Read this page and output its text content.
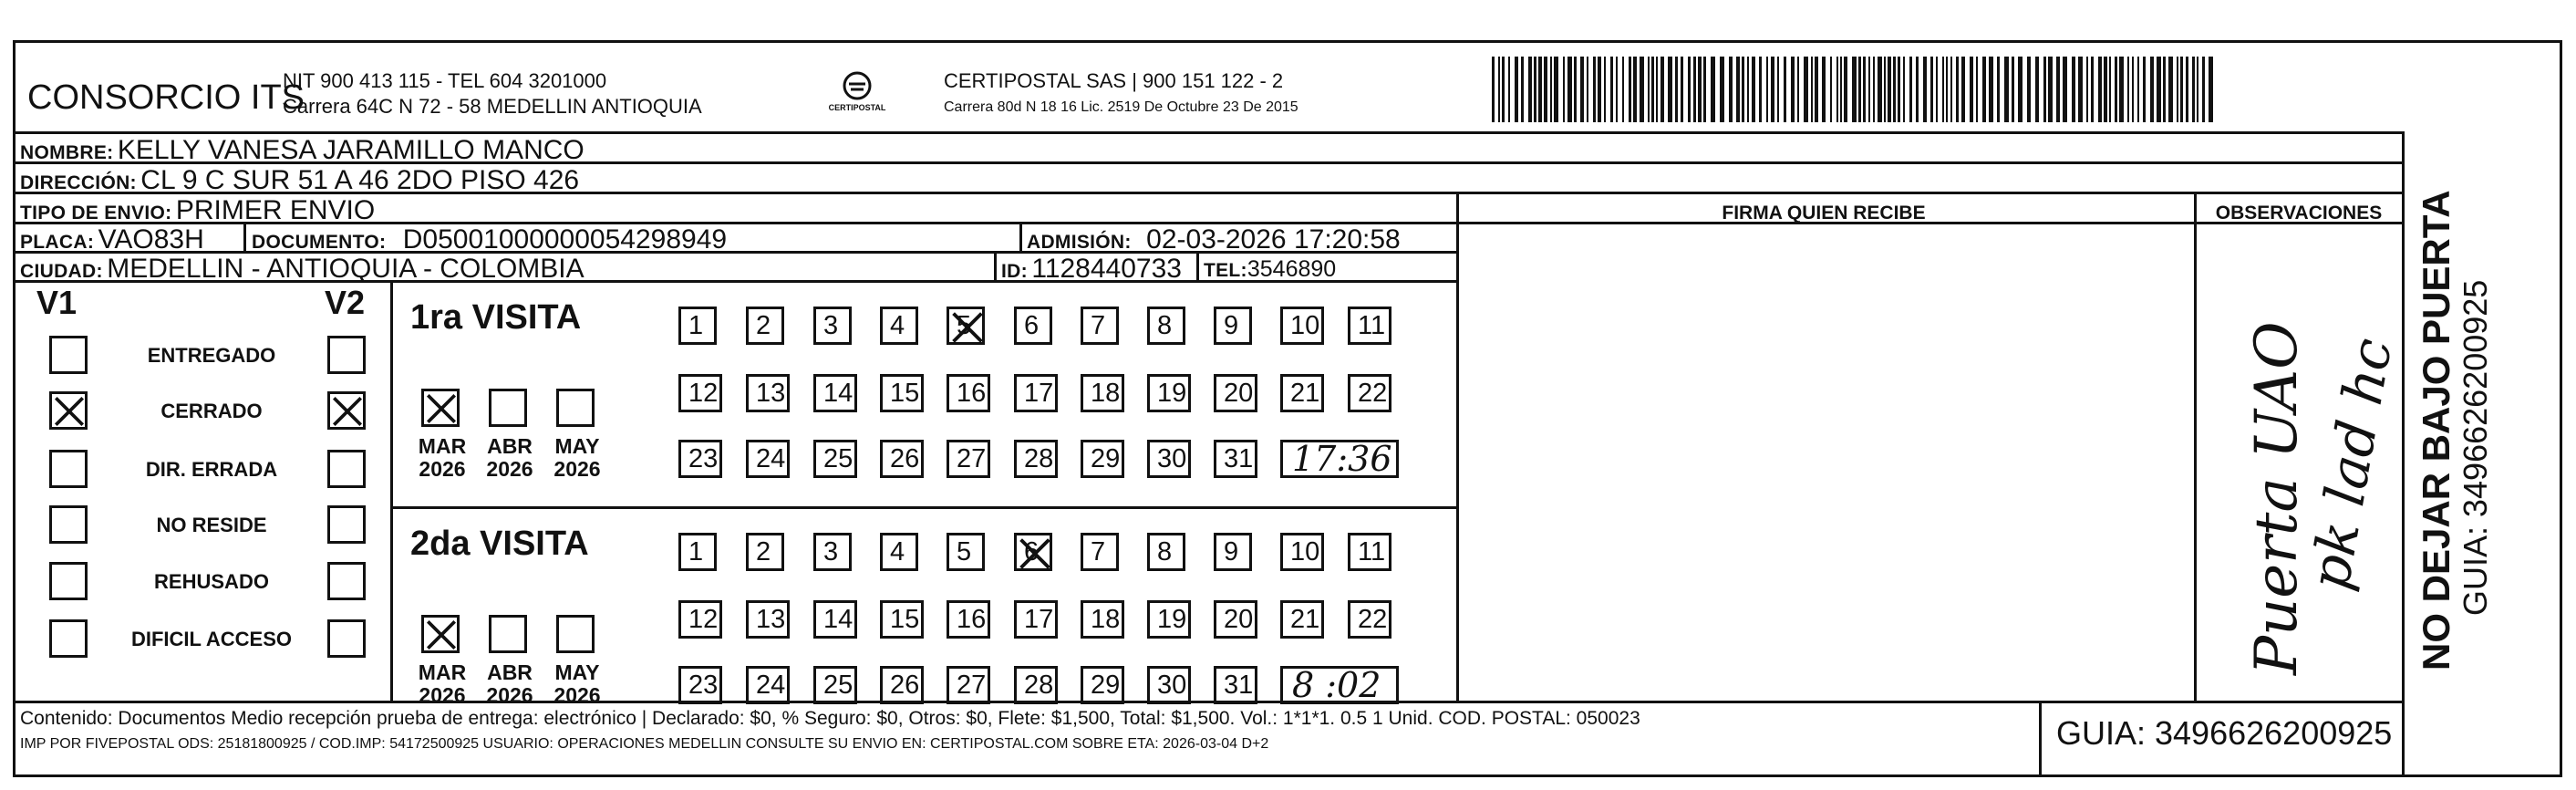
CONSORCIO ITS
NIT 900 413 115 - TEL 604 3201000
Carrera 64C N 72 - 58 MEDELLIN ANTIOQUIA	CERTIPOSTAL
CERTIPOSTAL SAS | 900 151 122 - 2
Carrera 80d N 18 16 Lic. 2519 De Octubre 23 De 2015
NOMBRE: KELLY VANESA JARAMILLO MANCO
DIRECCIÓN: CL 9 C SUR 51 A 46 2DO PISO 426
TIPO DE ENVIO: PRIMER ENVIO	FIRMA QUIEN RECIBE	OBSERVACIONES
PLACA: VAO83H DOCUMENTO: D05001000000054298949	ADMISIÓN: 02-03-2026 17:20:58
CIUDAD: MEDELLIN - ANTIOQUIA - COLOMBIA	ID: 1128440733 TEL:3546890
V1	V2
ENTREGADO
CERRADO
DIR. ERRADA
NO RESIDE
REHUSADO
DIFICIL ACCESO
1ra VISITA
MAR
2026
ABR
2026
MAY
2026
1	2	3	4	5	6	7	8	9	10	11
12	13	14	15	16	17	18	19	20	21	22
23	24	25	26	27	28	29	30	31	17:36
2da VISITA
MAR
2026
ABR
2026
MAY
2026
1	2	3	4	5	6	7	8	9	10	11
12	13	14	15	16	17	18	19	20	21	22
23	24	25	26	27	28	29	30	31	8 :02
Puerta UAO
pk lad hc NO DEJAR BAJO PUERTA GUIA: 3496626200925
Contenido: Documentos Medio recepción prueba de entrega: electrónico | Declarado: $0, % Seguro: $0, Otros: $0, Flete: $1,500, Total: $1,500. Vol.: 1*1*1. 0.5 1 Unid. COD. POSTAL: 050023
IMP POR FIVEPOSTAL ODS: 25181800925 / COD.IMP: 54172500925 USUARIO: OPERACIONES MEDELLIN CONSULTE SU ENVIO EN: CERTIPOSTAL.COM SOBRE ETA: 2026-03-04 D+2	GUIA: 3496626200925
